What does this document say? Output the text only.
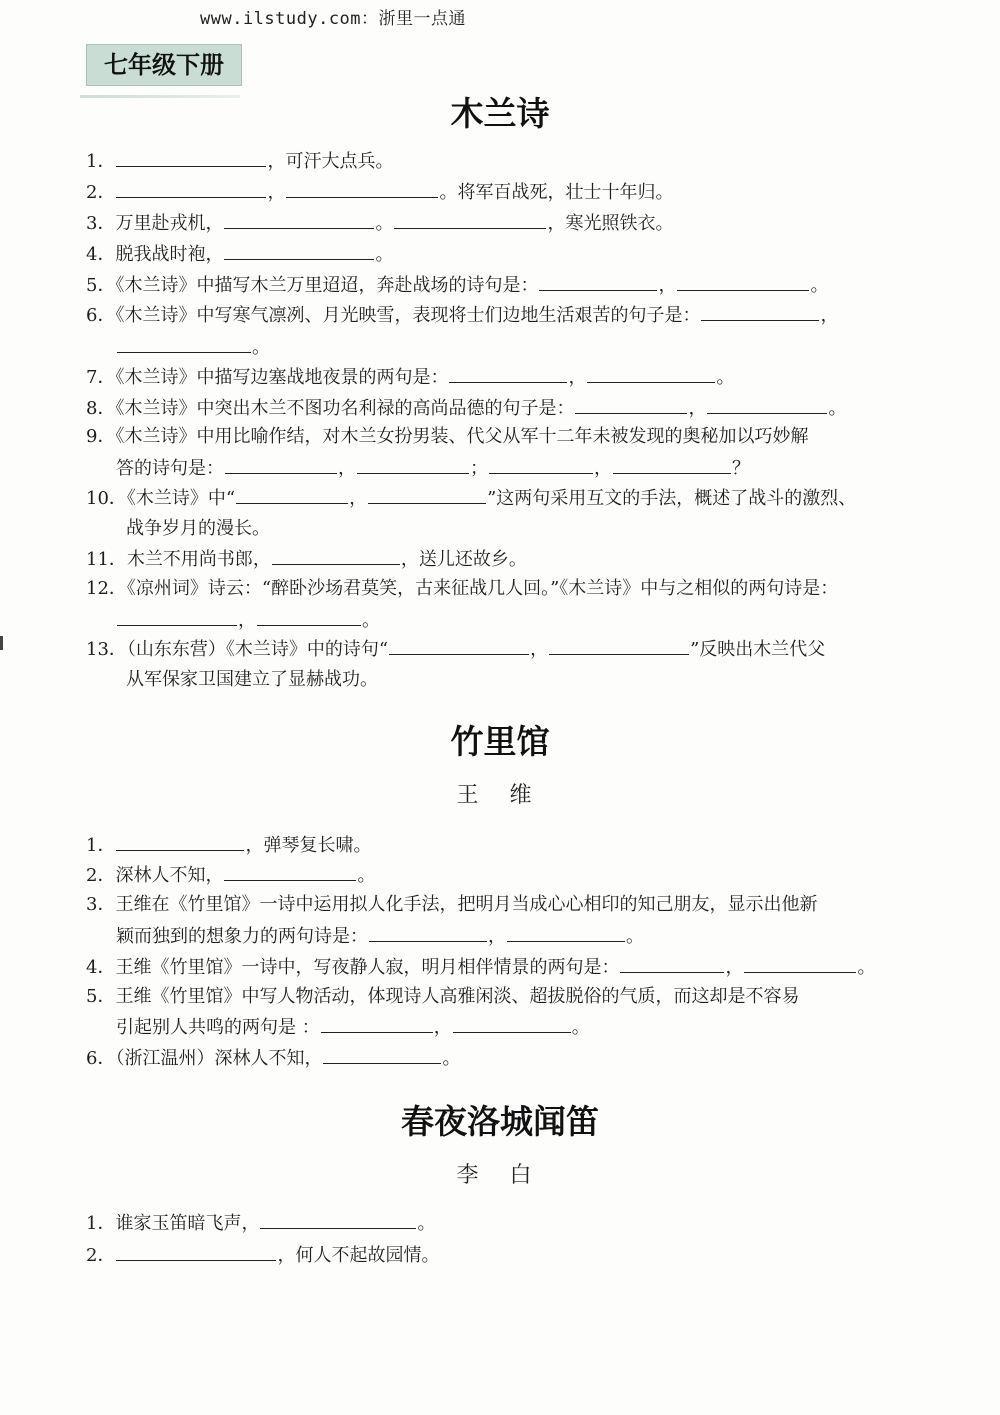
www.ilstudy.com：浙里一点通
七年级下册
木兰诗
1．	，可汗大点兵。
2．	，	。将军百战死，壮士十年归。
3．万里赴戎机，	。	，寒光照铁衣。
4．脱我战时袍，	。
5．《木兰诗》中描写木兰万里迢迢，奔赴战场的诗句是：	，	。
6．《木兰诗》中写寒气凛冽、月光映雪，表现将士们边地生活艰苦的句子是：	，
。
7．《木兰诗》中描写边塞战地夜景的两句是：	，	。
8．《木兰诗》中突出木兰不图功名利禄的高尚品德的句子是：	，	。
9．《木兰诗》中用比喻作结，对木兰女扮男装、代父从军十二年未被发现的奥秘加以巧妙解
答的诗句是：	，	；	，	？
10．《木兰诗》中“	，	”这两句采用互文的手法，概述了战斗的激烈、
战争岁月的漫长。
11．木兰不用尚书郎，	，送儿还故乡。
12．《凉州词》诗云：“醉卧沙场君莫笑，古来征战几人回。”《木兰诗》中与之相似的两句诗是：
，	。
13．（山东东营）《木兰诗》中的诗句“	，	”反映出木兰代父
从军保家卫国建立了显赫战功。
竹里馆
王 维
1．	，弹琴复长啸。
2．深林人不知，	。
3．王维在《竹里馆》一诗中运用拟人化手法，把明月当成心心相印的知己朋友，显示出他新
颖而独到的想象力的两句诗是：	，	。
4．王维《竹里馆》一诗中，写夜静人寂，明月相伴情景的两句是：	，	。
5．王维《竹里馆》中写人物活动，体现诗人高雅闲淡、超拔脱俗的气质，而这却是不容易
引起别人共鸣的两句是 ：	，	。
6．（浙江温州）深林人不知，	。
春夜洛城闻笛
李 白
1．谁家玉笛暗飞声，	。
2．	，何人不起故园情。
